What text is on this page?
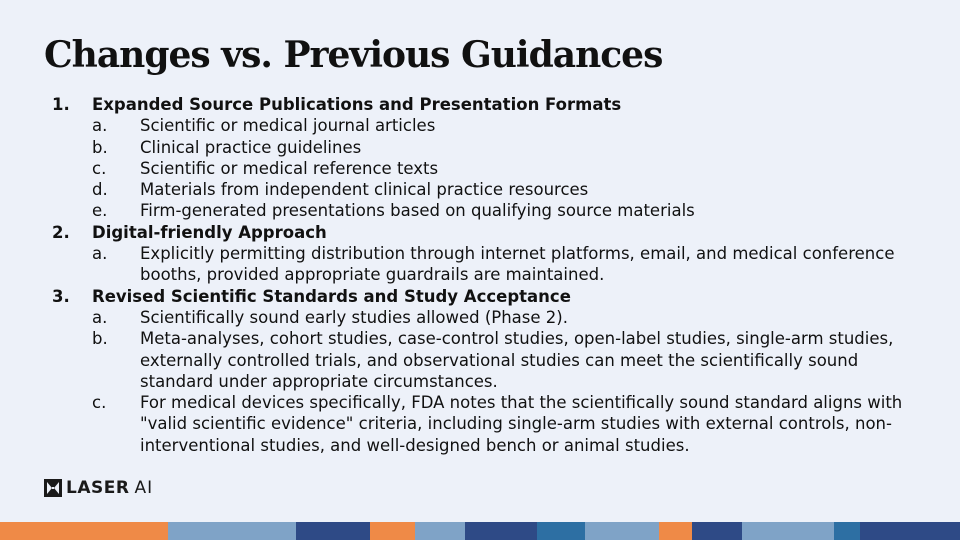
Changes vs. Previous Guidances
1.	Expanded Source Publications and Presentation Formats
a.	Scientific or medical journal articles
b.	Clinical practice guidelines
c.	Scientific or medical reference texts
d.	Materials from independent clinical practice resources
e.	Firm-generated presentations based on qualifying source materials
2.	Digital-friendly Approach
a.	Explicitly permitting distribution through internet platforms, email, and medical conference booths, provided appropriate guardrails are maintained.
3.	Revised Scientific Standards and Study Acceptance
a.	Scientifically sound early studies allowed (Phase 2).
b.	Meta-analyses, cohort studies, case-control studies, open-label studies, single-arm studies, externally controlled trials, and observational studies can meet the scientifically sound standard under appropriate circumstances.
c.	For medical devices specifically, FDA notes that the scientifically sound standard aligns with "valid scientific evidence" criteria, including single-arm studies with external controls, non-interventional studies, and well-designed bench or animal studies.
LASER AI
